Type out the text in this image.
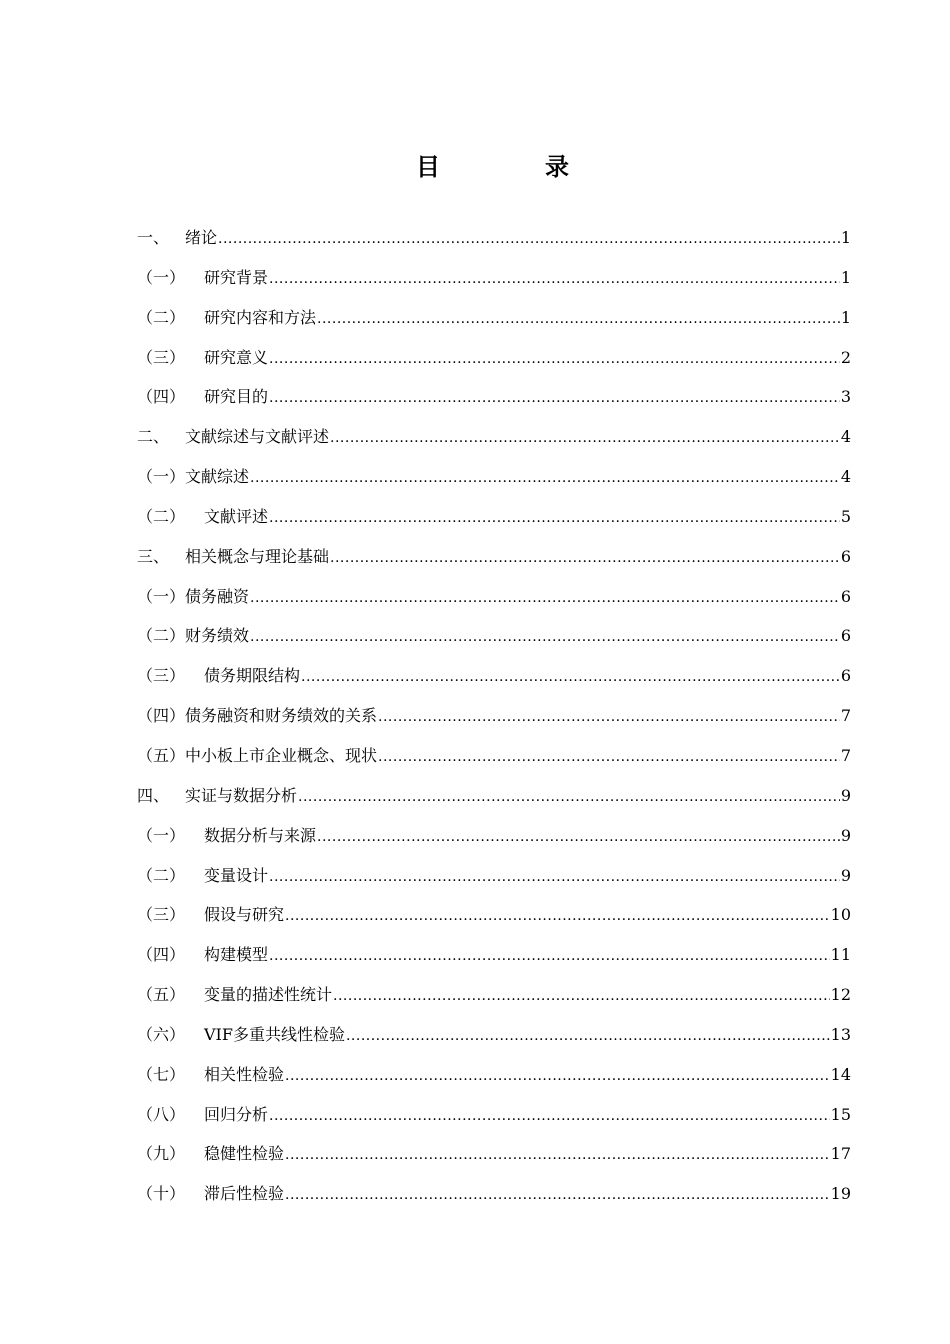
目	录
一、 绪论 .....	1
（一）	研究背景 .....	1
（二）	研究内容和方法 .....	1
（三）	研究意义 .....	2
（四）	研究目的 .....	3
二、 文献综述与文献评述 .....	4
（一） 文献综述 .....	4
（二）	文献评述 .....	5
三、 相关概念与理论基础 .....	6
（一） 债务融资 .....	6
（二） 财务绩效 .....	6
（三）	债务期限结构 .....	6
（四） 债务融资和财务绩效的关系 .....	7
（五） 中小板上市企业概念、现状 .....	7
四、 实证与数据分析 .....	9
（一）	数据分析与来源 .....	9
（二）	变量设计 .....	9
（三）	假设与研究 .....	10
（四）	构建模型 .....	11
（五）	变量的描述性统计 .....	12
（六）	VIF多重共线性检验 .....	13
（七）	相关性检验 .....	14
（八）	回归分析 .....	15
（九）	稳健性检验 .....	17
（十）	滞后性检验 .....	19
